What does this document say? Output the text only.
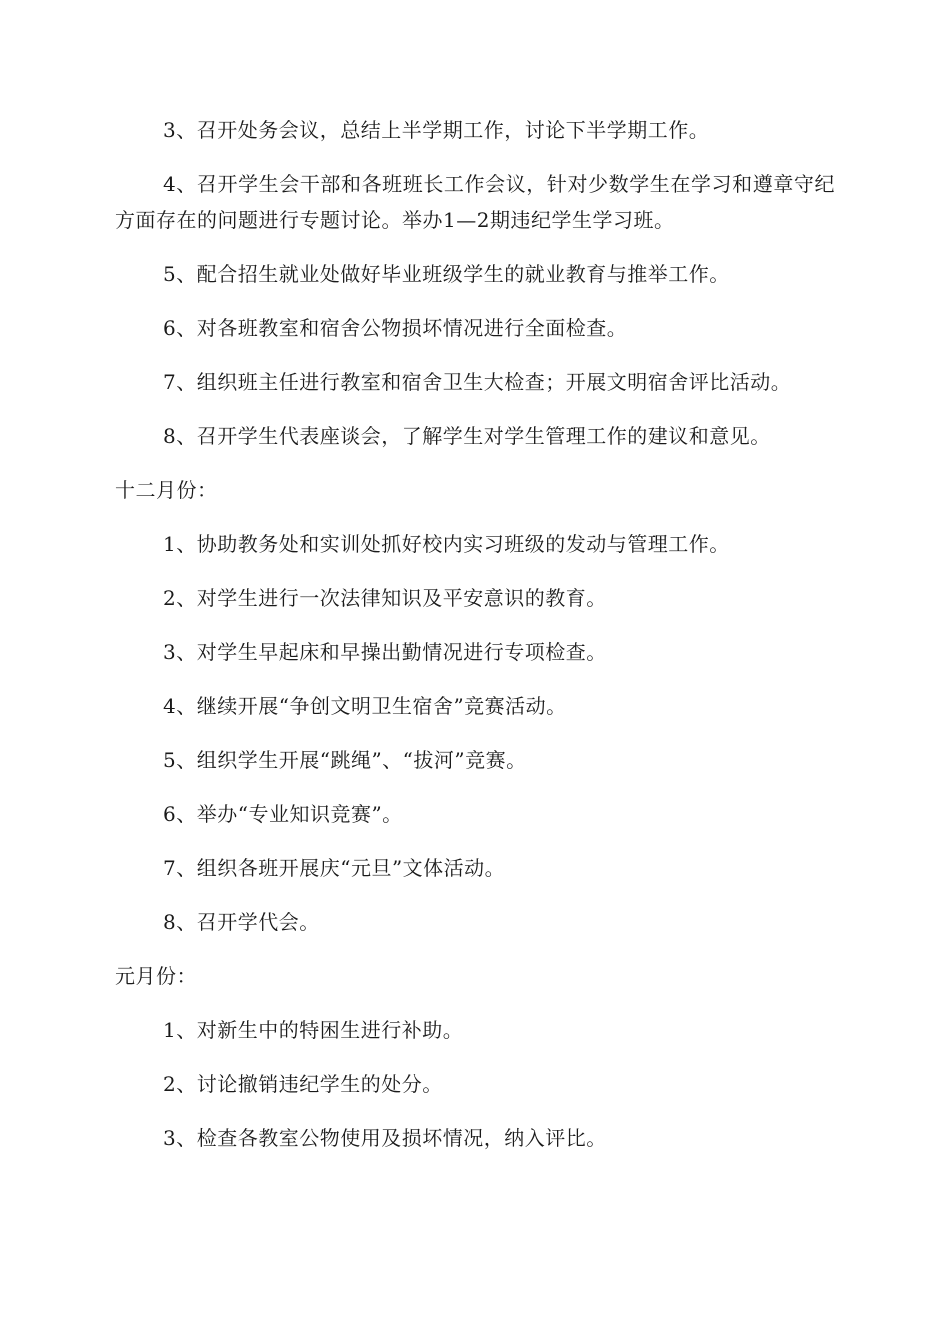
3、召开处务会议，总结上半学期工作，讨论下半学期工作。

4、召开学生会干部和各班班长工作会议，针对少数学生在学习和遵章守纪方面存在的问题进行专题讨论。举办1—2期违纪学生学习班。

5、配合招生就业处做好毕业班级学生的就业教育与推举工作。

6、对各班教室和宿舍公物损坏情况进行全面检查。

7、组织班主任进行教室和宿舍卫生大检查；开展文明宿舍评比活动。

8、召开学生代表座谈会，了解学生对学生管理工作的建议和意见。

十二月份：

1、协助教务处和实训处抓好校内实习班级的发动与管理工作。

2、对学生进行一次法律知识及平安意识的教育。

3、对学生早起床和早操出勤情况进行专项检查。

4、继续开展“争创文明卫生宿舍”竞赛活动。

5、组织学生开展“跳绳”、“拔河”竞赛。

6、举办“专业知识竞赛”。

7、组织各班开展庆“元旦”文体活动。

8、召开学代会。

元月份：

1、对新生中的特困生进行补助。

2、讨论撤销违纪学生的处分。

3、检查各教室公物使用及损坏情况，纳入评比。
